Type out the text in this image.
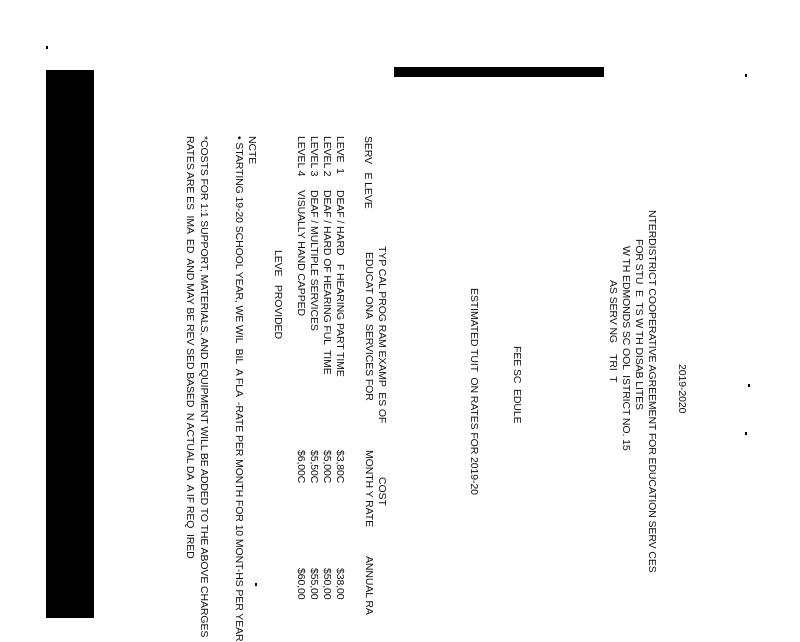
2019-2020
NTERDISTRICT COOPERATIVE AGREEMENT FOR EDUCATION SERV CES
FOR STU  E  TS W TH DISAB LITES
W TH EDMONDS SC OOL  ISTRICT NO. 15
AS SERV NG    TRI  T
FEE SC  EDULE
ESTIMATED TUIT  ON RATES FOR 2019-20
TYP CAL PROG RAM EXAMP  ES OF
EDUCAT ONA  SERVICES FOR
SERV   E LEVE
COST
MONTH Y RATE
ANNUAL RA
LEVE  1
DEAF / HARD   F HEARING PART TIME
$3,80C
$38,00
LEVEL 2
DEAF / HARD OF HEARING FUL  TIME
$5,00C
$50,00
LEVEL 3
DEAF / MULTIPLE SERVICES
$5,50C
$55,00
LEVEL 4
VISUALLY HAND CAPPED
$6,00C
$60,00
LEVE   PROVIDED
NCTE
• STARTING 19-20 SCHOOL YEAR, WE WIL  BIL  A FLA  -RATE PER MONTH FOR 10 MONT-HS PER YEAR
*COSTS FOR 1:1 SUPPORT, MATERIALS, AND EQUIPMENT WILL BE ADDED TO THE ABOVE CHARGES
RATES ARE ES  IMA  ED  AND MAY BE REV SED BASED  N ACTUAL DA  A IF REQ  IRED
